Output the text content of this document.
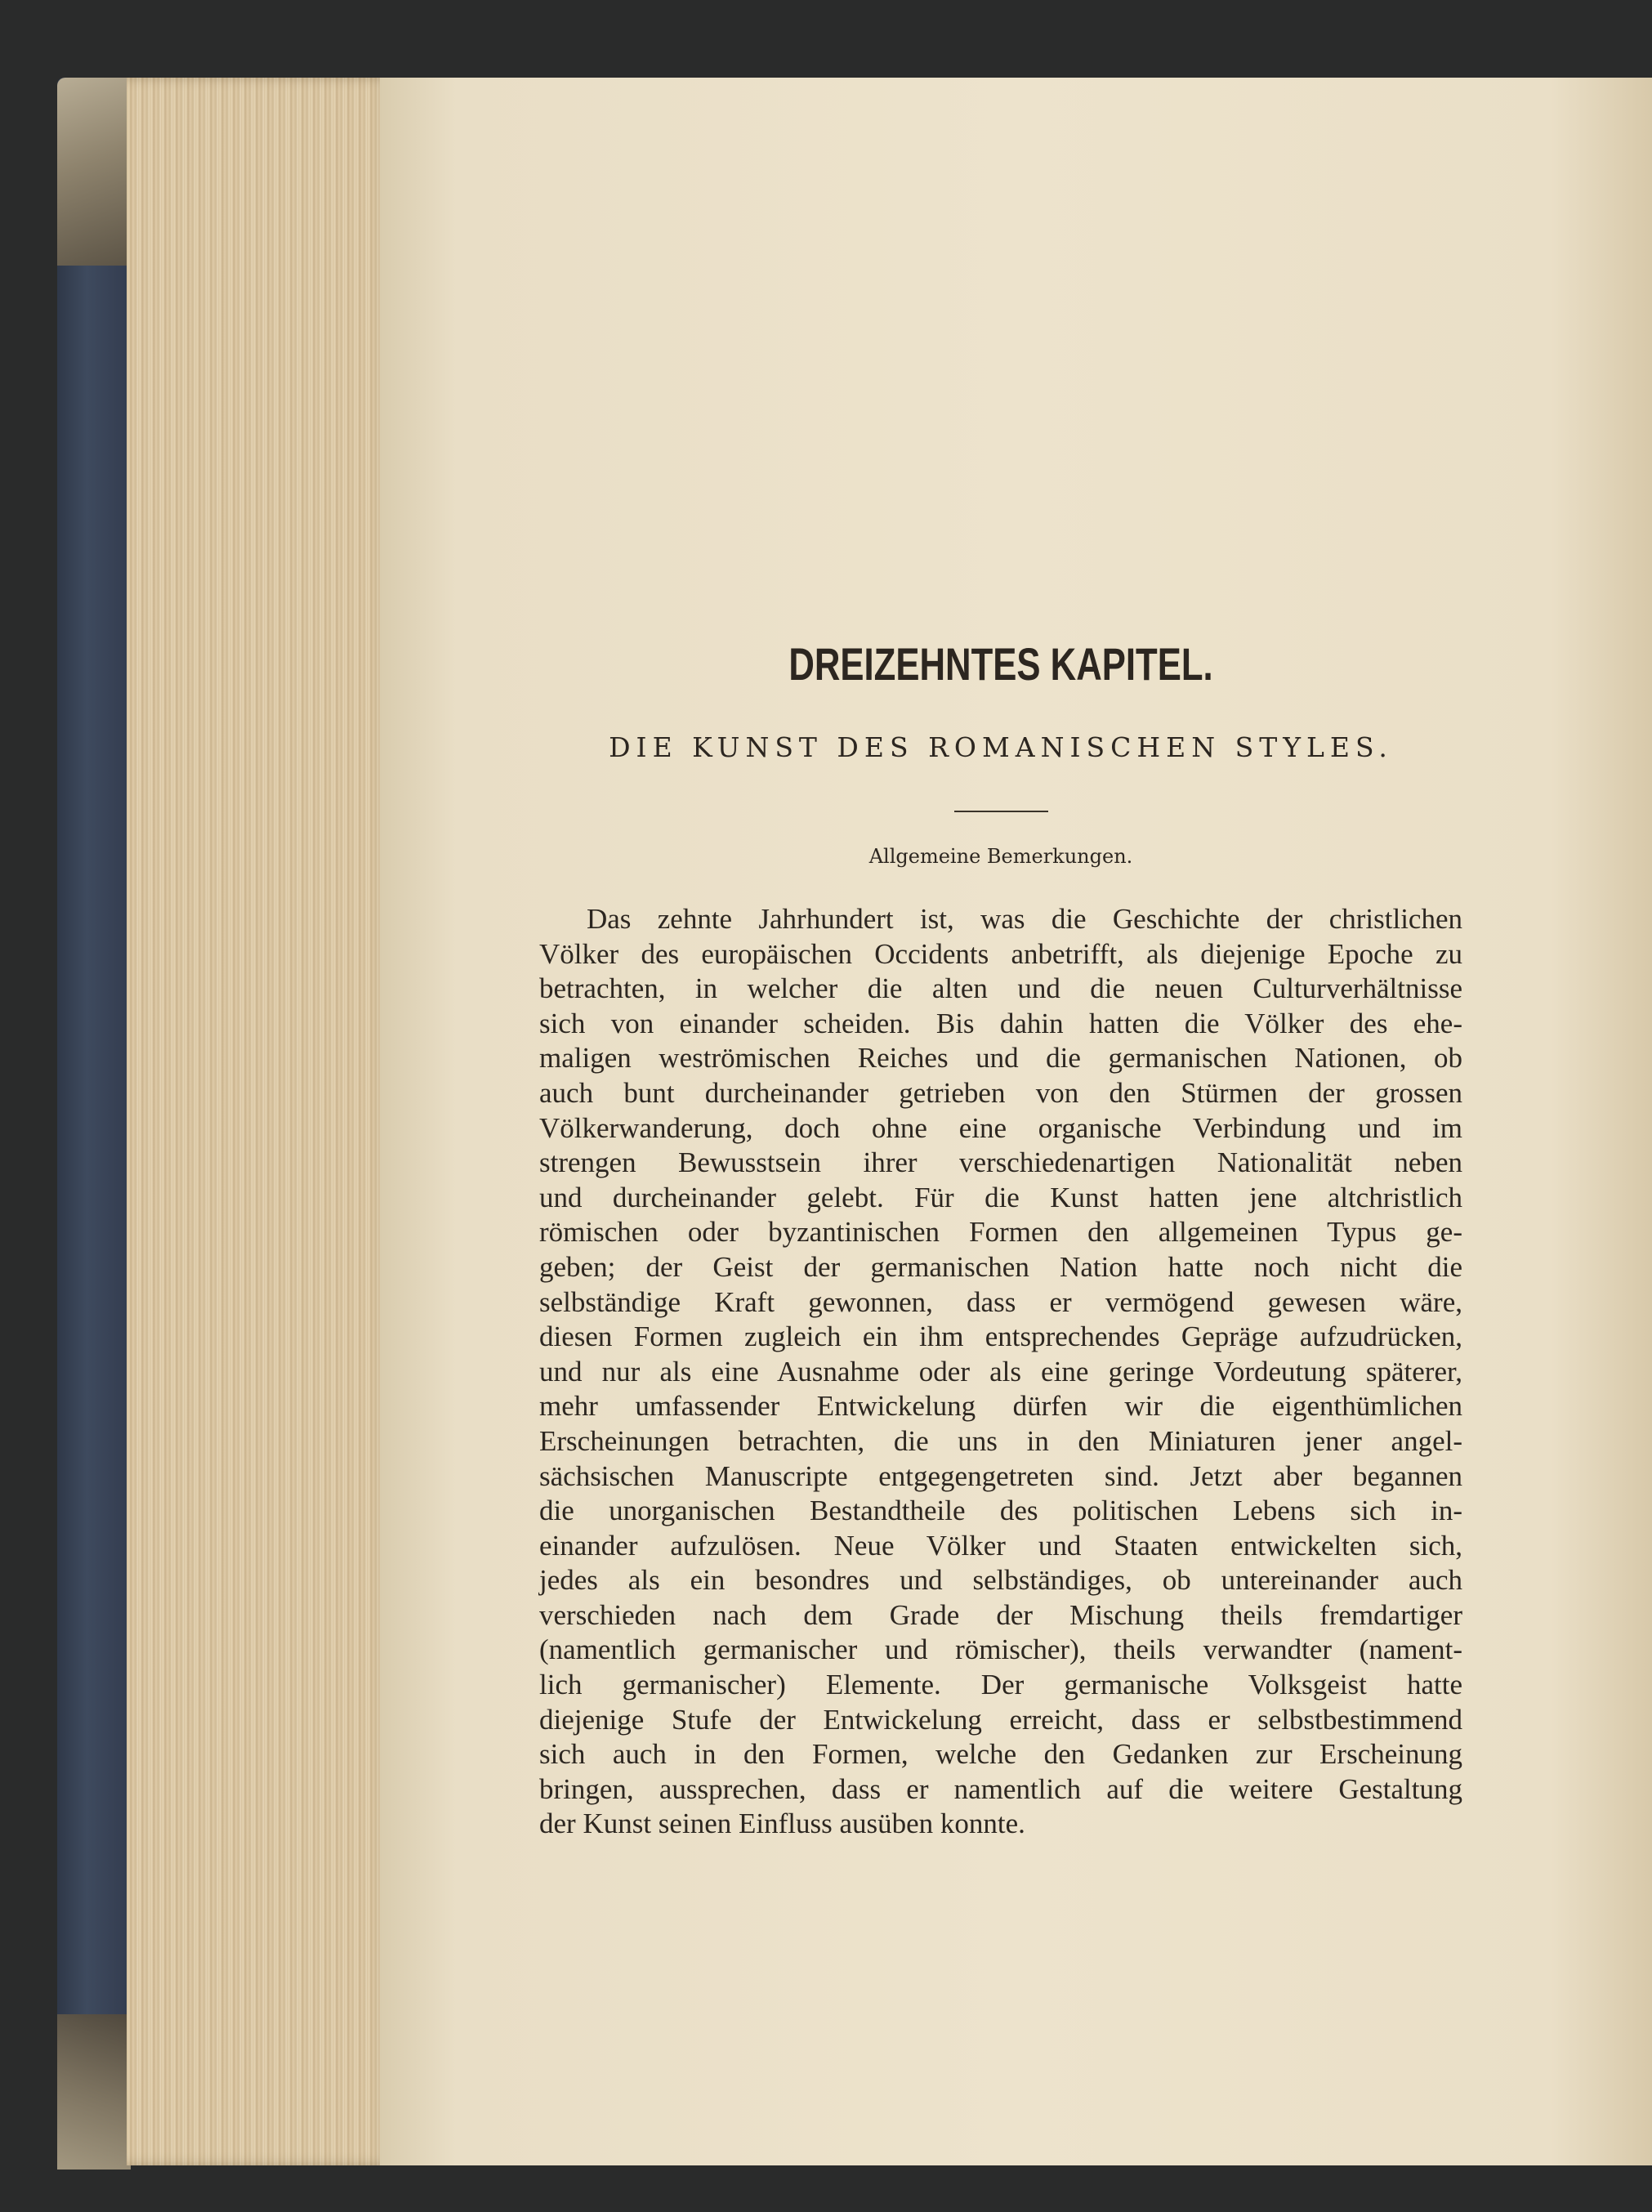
DREIZEHNTES KAPITEL.
DIE KUNST DES ROMANISCHEN STYLES.
Allgemeine Bemerkungen.
Das zehnte Jahrhundert ist, was die Geschichte der christlichen
Völker des europäischen Occidents anbetrifft, als diejenige Epoche zu
betrachten, in welcher die alten und die neuen Culturverhältnisse
sich von einander scheiden. Bis dahin hatten die Völker des ehe-
maligen weströmischen Reiches und die germanischen Nationen, ob
auch bunt durcheinander getrieben von den Stürmen der grossen
Völkerwanderung, doch ohne eine organische Verbindung und im
strengen Bewusstsein ihrer verschiedenartigen Nationalität neben
und durcheinander gelebt. Für die Kunst hatten jene altchristlich
römischen oder byzantinischen Formen den allgemeinen Typus ge-
geben; der Geist der germanischen Nation hatte noch nicht die
selbständige Kraft gewonnen, dass er vermögend gewesen wäre,
diesen Formen zugleich ein ihm entsprechendes Gepräge aufzudrücken,
und nur als eine Ausnahme oder als eine geringe Vordeutung späterer,
mehr umfassender Entwickelung dürfen wir die eigenthümlichen
Erscheinungen betrachten, die uns in den Miniaturen jener angel-
sächsischen Manuscripte entgegengetreten sind. Jetzt aber begannen
die unorganischen Bestandtheile des politischen Lebens sich in-
einander aufzulösen. Neue Völker und Staaten entwickelten sich,
jedes als ein besondres und selbständiges, ob untereinander auch
verschieden nach dem Grade der Mischung theils fremdartiger
(namentlich germanischer und römischer), theils verwandter (nament-
lich germanischer) Elemente. Der germanische Volksgeist hatte
diejenige Stufe der Entwickelung erreicht, dass er selbstbestimmend
sich auch in den Formen, welche den Gedanken zur Erscheinung
bringen, aussprechen, dass er namentlich auf die weitere Gestaltung
der Kunst seinen Einfluss ausüben konnte.
